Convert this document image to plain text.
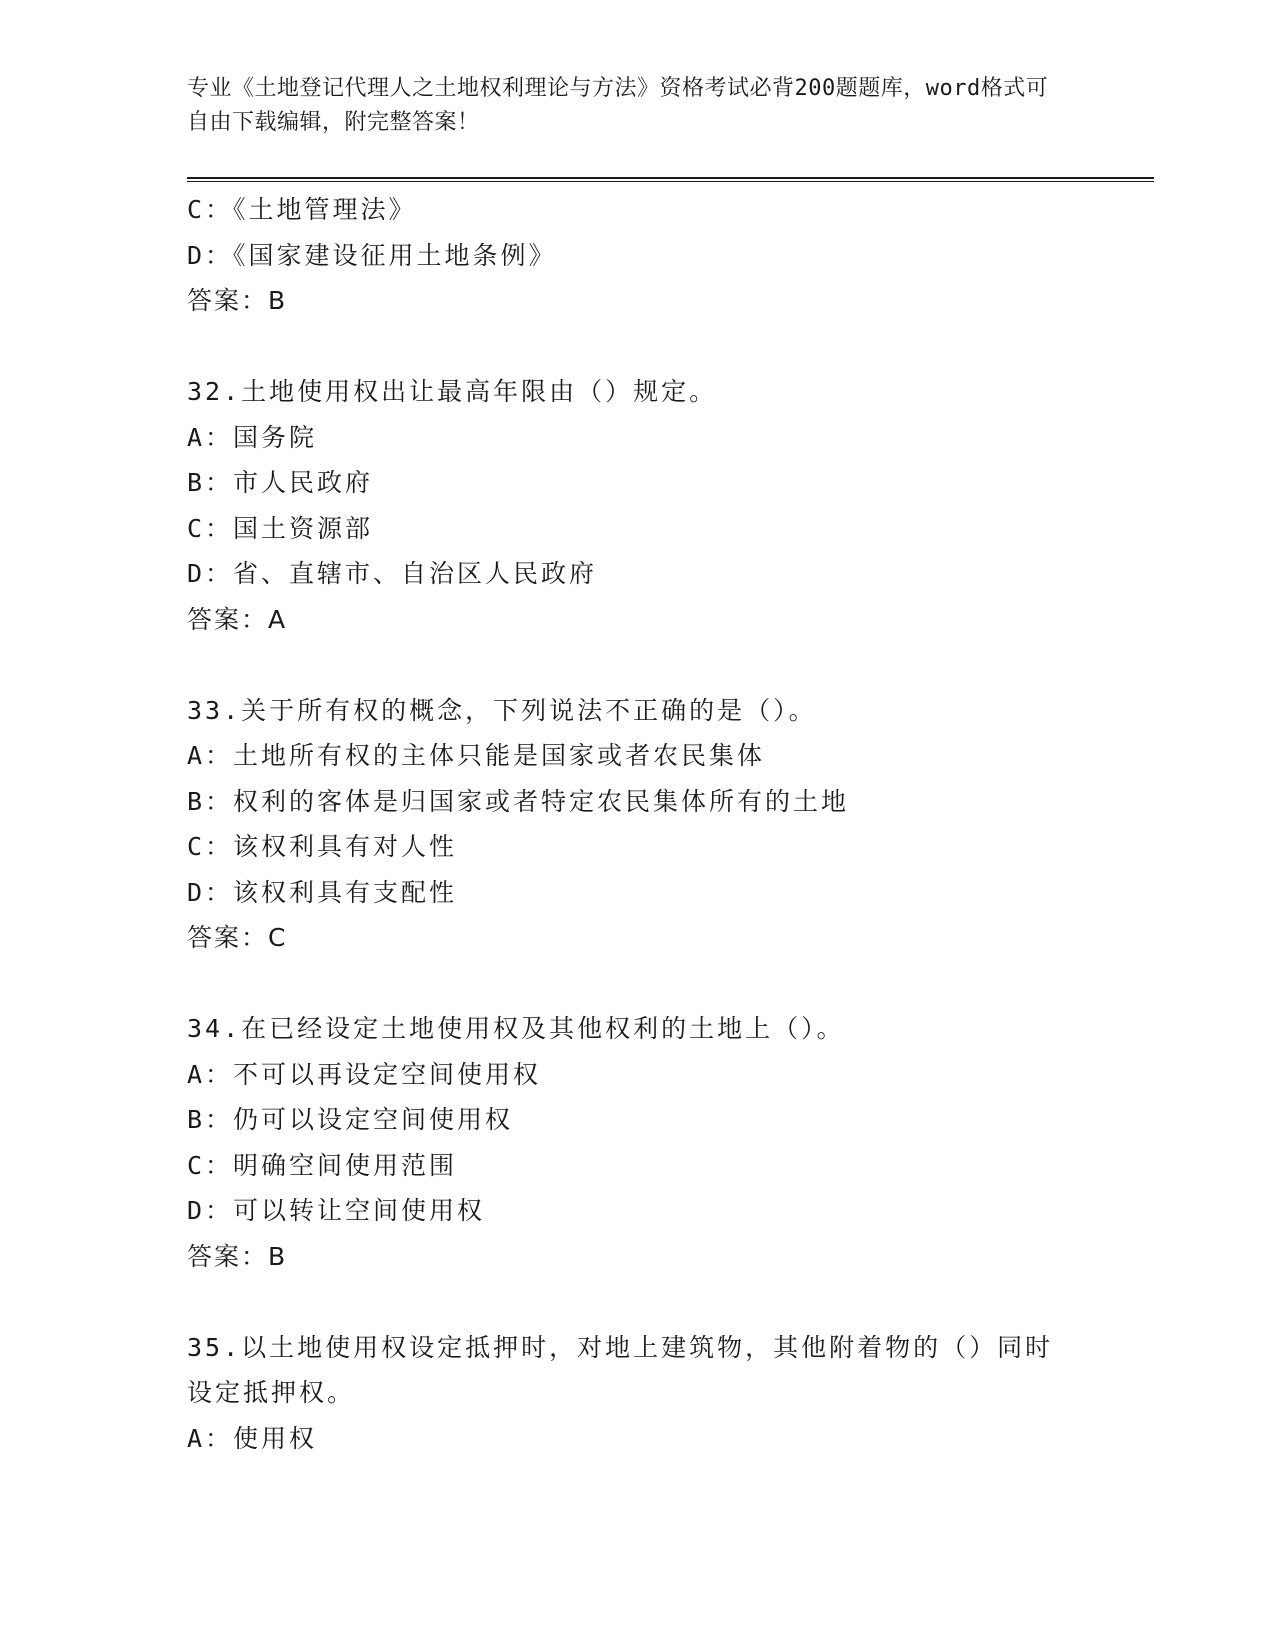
专业《土地登记代理人之土地权利理论与方法》资格考试必背200题题库，word格式可自由下载编辑，附完整答案！
C：《土地管理法》
D：《国家建设征用土地条例》
答案：B
32.土地使用权出让最高年限由（）规定。
A：国务院
B：市人民政府
C：国土资源部
D：省、直辖市、自治区人民政府
答案：A
33.关于所有权的概念，下列说法不正确的是（）。
A：土地所有权的主体只能是国家或者农民集体
B：权利的客体是归国家或者特定农民集体所有的土地
C：该权利具有对人性
D：该权利具有支配性
答案：C
34.在已经设定土地使用权及其他权利的土地上（）。
A：不可以再设定空间使用权
B：仍可以设定空间使用权
C：明确空间使用范围
D：可以转让空间使用权
答案：B
35.以土地使用权设定抵押时，对地上建筑物，其他附着物的（）同时设定抵押权。
A：使用权
